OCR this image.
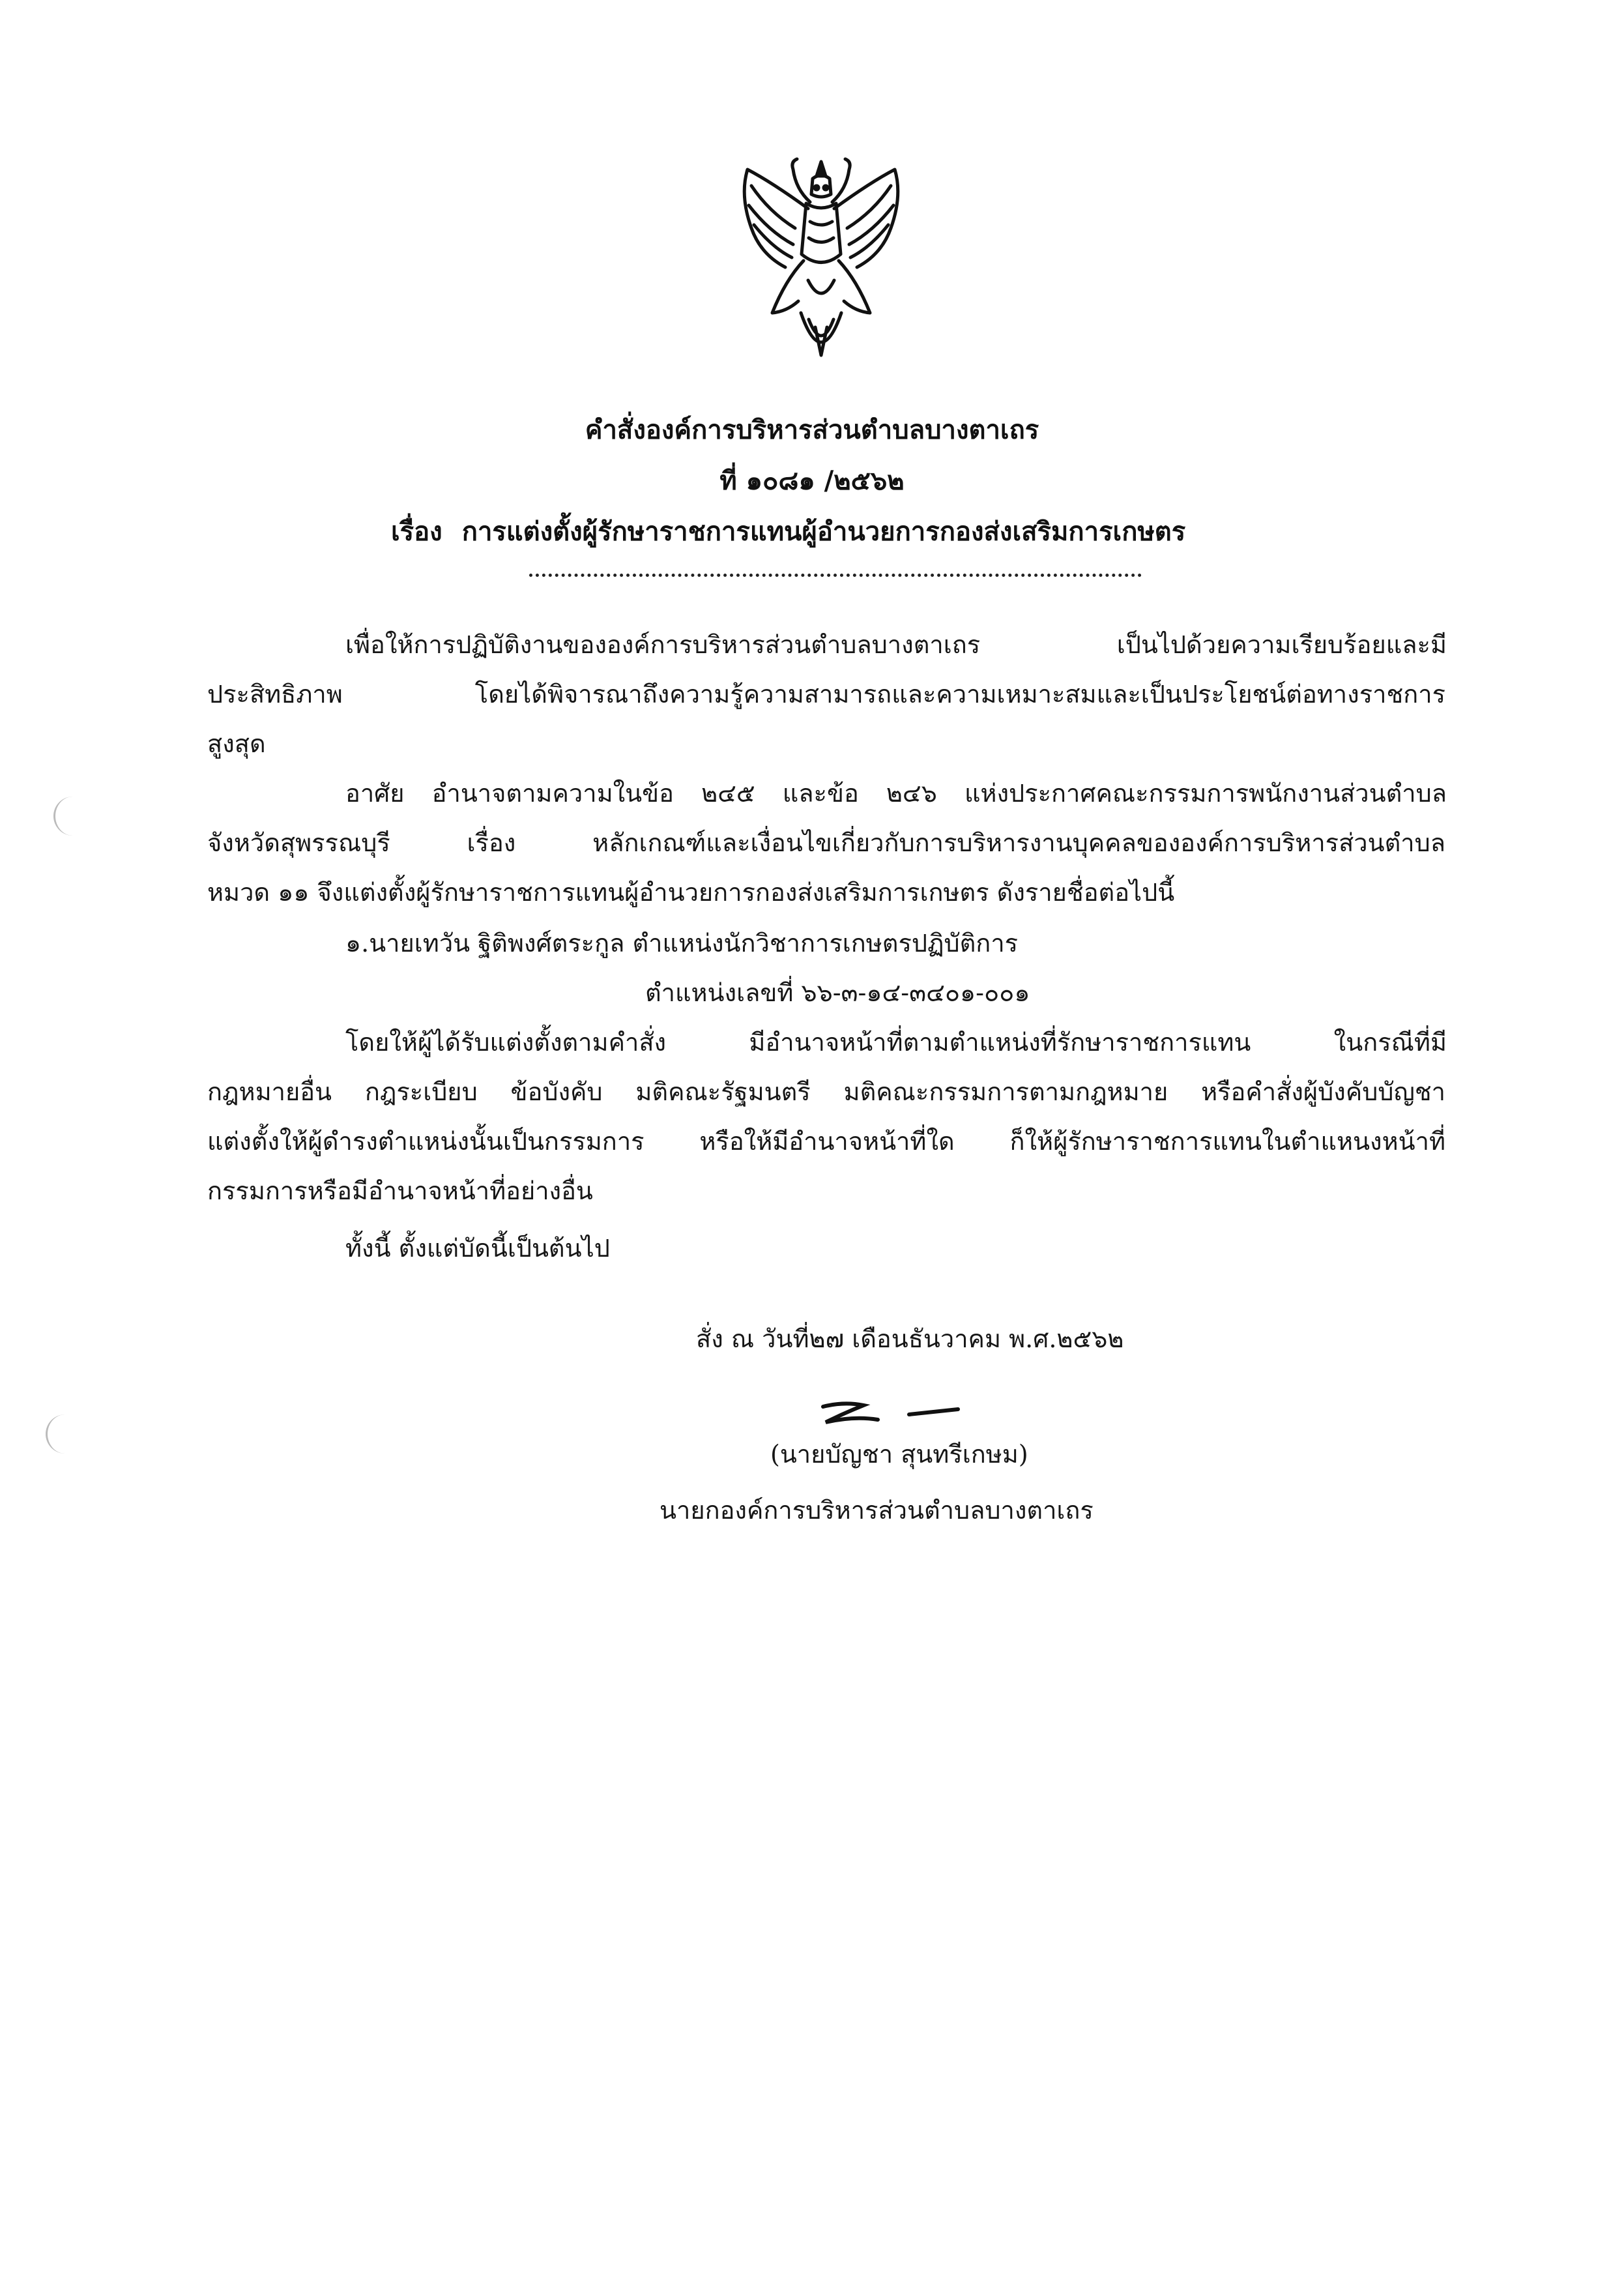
คำสั่งองค์การบริหารส่วนตำบลบางตาเถร
ที่ ๑๐๘๑ /๒๕๖๒
เรื่อง การแต่งตั้งผู้รักษาราชการแทนผู้อำนวยการกองส่งเสริมการเกษตร
เพื่อให้การปฏิบัติงานขององค์การบริหารส่วนตำบลบางตาเถร เป็นไปด้วยความเรียบร้อยและมี
ประสิทธิภาพ โดยได้พิจารณาถึงความรู้ความสามารถและความเหมาะสมและเป็นประโยชน์ต่อทางราชการ
สูงสุด
อาศัย อำนาจตามความในข้อ ๒๔๕ และข้อ ๒๔๖ แห่งประกาศคณะกรรมการพนักงานส่วนตำบล
จังหวัดสุพรรณบุรี เรื่อง หลักเกณฑ์และเงื่อนไขเกี่ยวกับการบริหารงานบุคคลขององค์การบริหารส่วนตำบล
หมวด ๑๑ จึงแต่งตั้งผู้รักษาราชการแทนผู้อำนวยการกองส่งเสริมการเกษตร ดังรายชื่อต่อไปนี้
๑.นายเทวัน ฐิติพงศ์ตระกูล ตำแหน่งนักวิชาการเกษตรปฏิบัติการ
ตำแหน่งเลขที่ ๖๖-๓-๑๔-๓๔๐๑-๐๐๑
โดยให้ผู้ได้รับแต่งตั้งตามคำสั่ง มีอำนาจหน้าที่ตามตำแหน่งที่รักษาราชการแทน ในกรณีที่มี
กฎหมายอื่น กฎระเบียบ ข้อบังคับ มติคณะรัฐมนตรี มติคณะกรรมการตามกฎหมาย หรือคำสั่งผู้บังคับบัญชา
แต่งตั้งให้ผู้ดำรงตำแหน่งนั้นเป็นกรรมการ หรือให้มีอำนาจหน้าที่ใด ก็ให้ผู้รักษาราชการแทนในตำแหนงหน้าที่
กรรมการหรือมีอำนาจหน้าที่อย่างอื่น
ทั้งนี้ ตั้งแต่บัดนี้เป็นต้นไป
สั่ง ณ วันที่๒๗ เดือนธันวาคม พ.ศ.๒๕๖๒
(นายบัญชา สุนทรีเกษม)
นายกองค์การบริหารส่วนตำบลบางตาเถร
